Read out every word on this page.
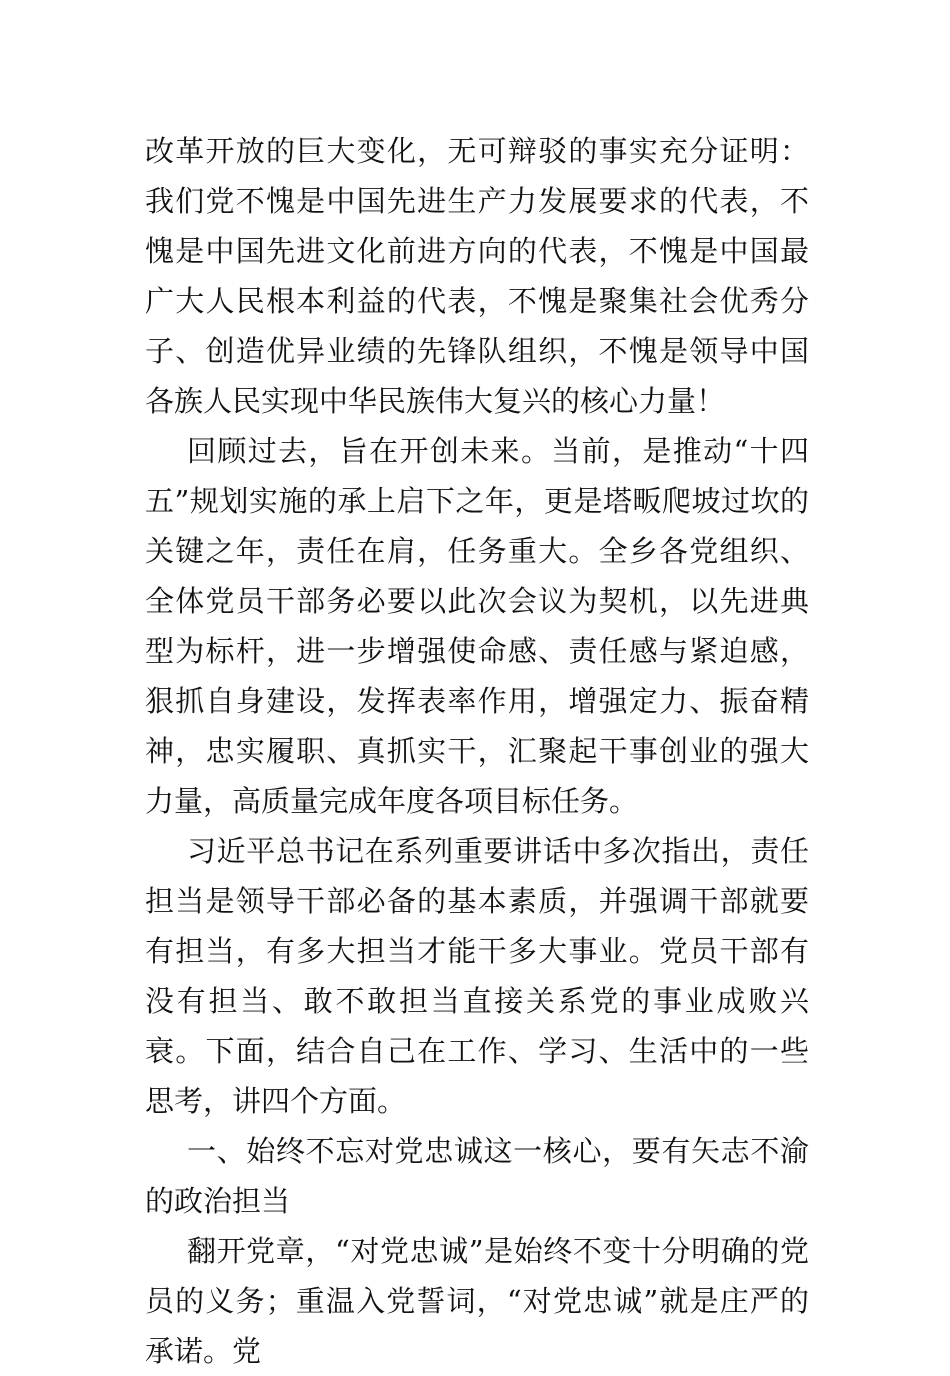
改革开放的巨大变化，无可辩驳的事实充分证明：我们党不愧是中国先进生产力发展要求的代表，不愧是中国先进文化前进方向的代表，不愧是中国最广大人民根本利益的代表，不愧是聚集社会优秀分子、创造优异业绩的先锋队组织，不愧是领导中国各族人民实现中华民族伟大复兴的核心力量！

回顾过去，旨在开创未来。当前，是推动“十四五”规划实施的承上启下之年，更是塔畈爬坡过坎的关键之年，责任在肩，任务重大。全乡各党组织、全体党员干部务必要以此次会议为契机，以先进典型为标杆，进一步增强使命感、责任感与紧迫感，狠抓自身建设，发挥表率作用，增强定力、振奋精神，忠实履职、真抓实干，汇聚起干事创业的强大力量，高质量完成年度各项目标任务。

习近平总书记在系列重要讲话中多次指出，责任担当是领导干部必备的基本素质，并强调干部就要有担当，有多大担当才能干多大事业。党员干部有没有担当、敢不敢担当直接关系党的事业成败兴衰。下面，结合自己在工作、学习、生活中的一些思考，讲四个方面。

一、始终不忘对党忠诚这一核心，要有矢志不渝的政治担当

翻开党章，“对党忠诚”是始终不变十分明确的党员的义务；重温入党誓词，“对党忠诚”就是庄严的承诺。党
